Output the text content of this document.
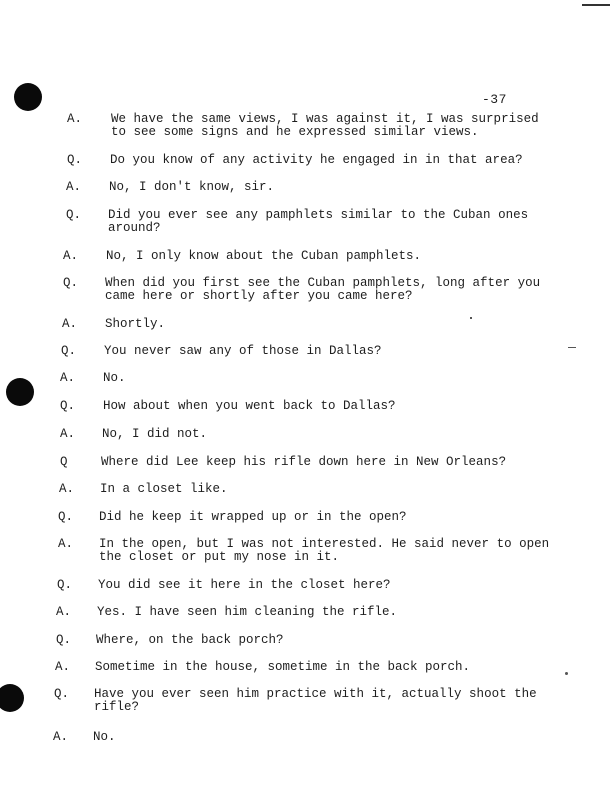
-37
A.	We have the same views, I was against it, I was surprised
to see some signs and he expressed similar views.
Q.	Do you know of any activity he engaged in in that area?
A.	No, I don't know, sir.
Q.	Did you ever see any pamphlets similar to the Cuban ones
around?
A.	No, I only know about the Cuban pamphlets.
Q.	When did you first see the Cuban pamphlets, long after you
came here or shortly after you came here?
A.	Shortly.
Q.	You never saw any of those in Dallas?
A.	No.
Q.	How about when you went back to Dallas?
A.	No, I did not.
Q	Where did Lee keep his rifle down here in New Orleans?
A.	In a closet like.
Q.	Did he keep it wrapped up or in the open?
A.	In the open, but I was not interested. He said never to open
the closet or put my nose in it.
Q.	You did see it here in the closet here?
A.	Yes. I have seen him cleaning the rifle.
Q.	Where, on the back porch?
A.	Sometime in the house, sometime in the back porch.
Q.	Have you ever seen him practice with it, actually shoot the
rifle?
A.	No.
